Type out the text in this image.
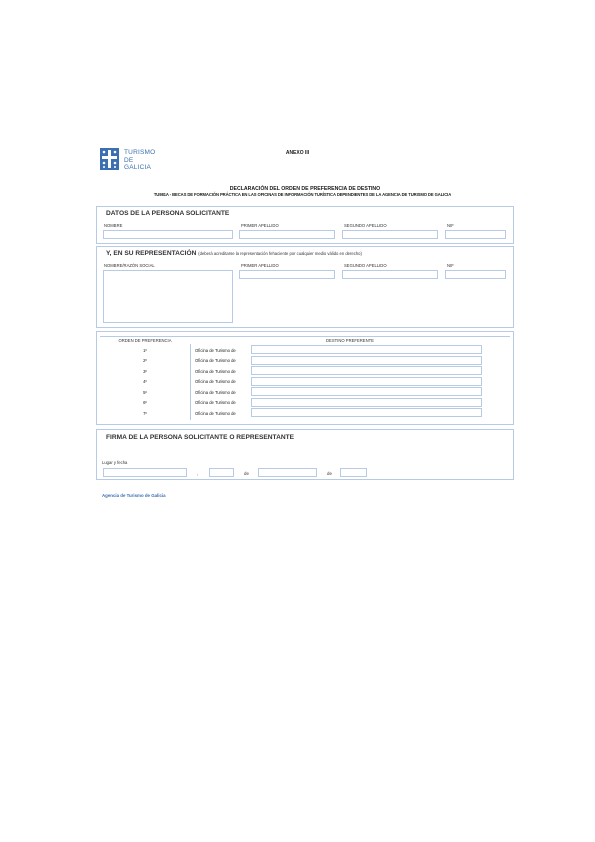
TURISMO
DE
GALICIA
ANEXO III
DECLARACIÓN DEL ORDEN DE PREFERENCIA DE DESTINO
TU981A - BECAS DE FORMACIÓN PRÁCTICA EN LAS OFICINAS DE INFORMACIÓN TURÍSTICA DEPENDIENTES DE LA AGENCIA DE TURISMO DE GALICIA
DATOS DE LA PERSONA SOLICITANTE
NOMBRE	PRIMER APELLIDO	SEGUNDO APELLIDO	NIF
Y, EN SU REPRESENTACIÓN (deberá acreditarse la representación fehaciente por cualquier medio válido en derecho)
NOMBRE/RAZÓN SOCIAL	PRIMER APELLIDO	SEGUNDO APELLIDO	NIF
ORDEN DE PREFERENCIA	DESTINO PREFERENTE
1º	Oficina de Turismo de
2º	Oficina de Turismo de
3º	Oficina de Turismo de
4º	Oficina de Turismo de
5º	Oficina de Turismo de
6º	Oficina de Turismo de
7º	Oficina de Turismo de
FIRMA DE LA PERSONA SOLICITANTE O REPRESENTANTE
Lugar y fecha
,	de	de
Agencia de Turismo de Galicia
